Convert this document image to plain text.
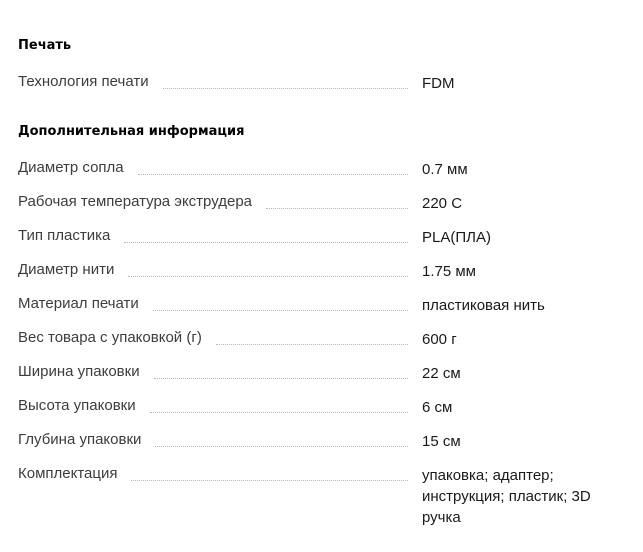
Печать
Технология печати	FDM
Дополнительная информация
Диаметр сопла	0.7 мм
Рабочая температура экструдера	220 С
Тип пластика	PLA(ПЛА)
Диаметр нити	1.75 мм
Материал печати	пластиковая нить
Вес товара с упаковкой (г)	600 г
Ширина упаковки	22 см
Высота упаковки	6 см
Глубина упаковки	15 см
Комплектация	упаковка; адаптер; инструкция; пластик; 3D ручка
